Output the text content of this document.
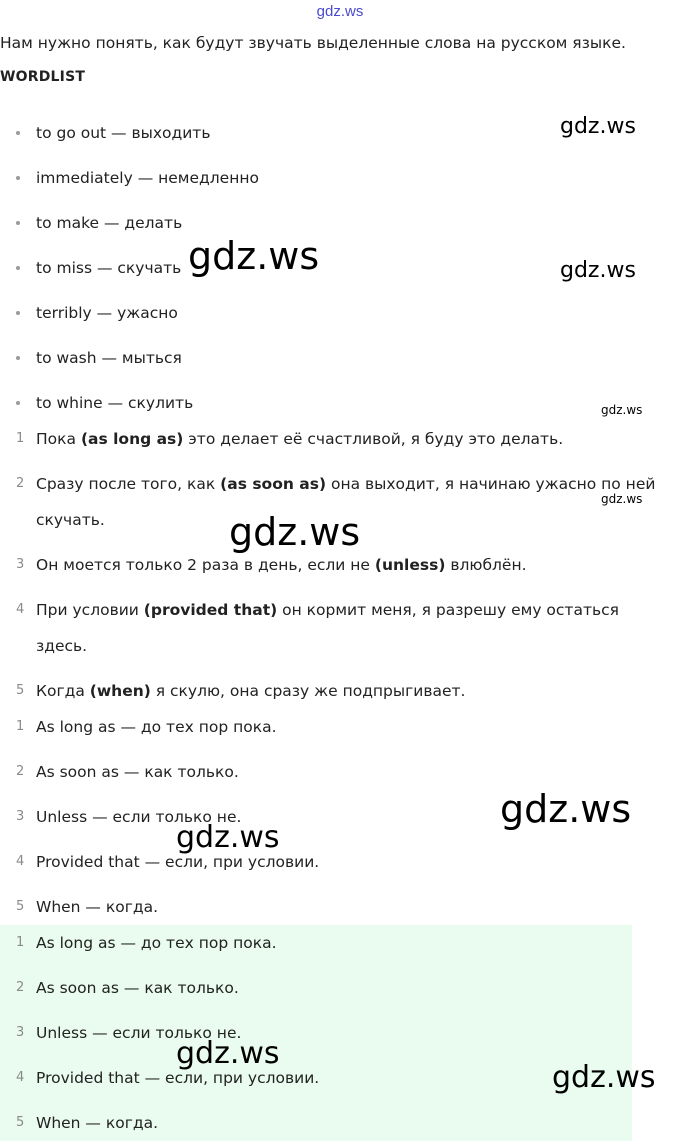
gdz.ws
Нам нужно понять, как будут звучать выделенные слова на русском языке.
WORDLIST
to go out — выходить
immediately — немедленно
to make — делать
to miss — скучать
terribly — ужасно
to wash — мыться
to whine — скулить
1 Пока (as long as) это делает её счастливой, я буду это делать.
2 Сразу после того, как (as soon as) она выходит, я начинаю ужасно по ней скучать.
3 Он моется только 2 раза в день, если не (unless) влюблён.
4 При условии (provided that) он кормит меня, я разрешу ему остаться здесь.
5 Когда (when) я скулю, она сразу же подпрыгивает.
1 As long as — до тех пор пока.
2 As soon as — как только.
3 Unless — если только не.
4 Provided that — если, при условии.
5 When — когда.
1 As long as — до тех пор пока.
2 As soon as — как только.
3 Unless — если только не.
4 Provided that — если, при условии.
5 When — когда.
gdz.ws
gdz.ws	gdz.ws
gdz.ws
gdz.ws
gdz.ws
gdz.ws
gdz.ws
gdz.ws
gdz.ws
